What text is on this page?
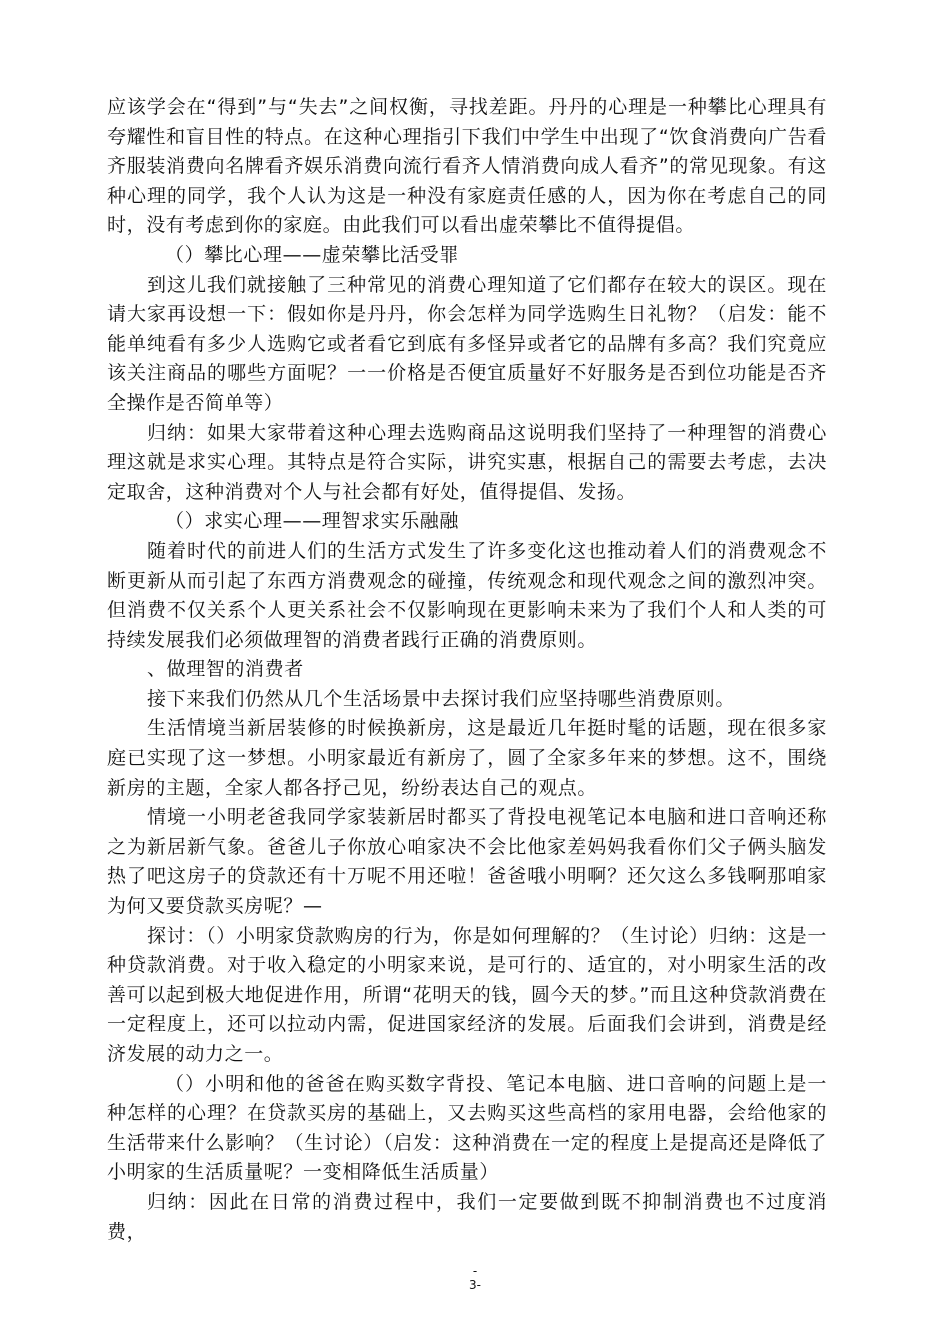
应该学会在“得到”与“失去”之间权衡，寻找差距。丹丹的心理是一种攀比心理具有夸耀性和盲目性的特点。在这种心理指引下我们中学生中出现了“饮食消费向广告看齐服装消费向名牌看齐娱乐消费向流行看齐人情消费向成人看齐”的常见现象。有这种心理的同学，我个人认为这是一种没有家庭责任感的人，因为你在考虑自己的同时，没有考虑到你的家庭。由此我们可以看出虚荣攀比不值得提倡。

（）攀比心理——虚荣攀比活受罪

到这儿我们就接触了三种常见的消费心理知道了它们都存在较大的误区。现在请大家再设想一下：假如你是丹丹，你会怎样为同学选购生日礼物？（启发：能不能单纯看有多少人选购它或者看它到底有多怪异或者它的品牌有多高？我们究竟应该关注商品的哪些方面呢？一一价格是否便宜质量好不好服务是否到位功能是否齐全操作是否简单等）

归纳：如果大家带着这种心理去选购商品这说明我们坚持了一种理智的消费心理这就是求实心理。其特点是符合实际，讲究实惠，根据自己的需要去考虑，去决定取舍，这种消费对个人与社会都有好处，值得提倡、发扬。

（）求实心理——理智求实乐融融

随着时代的前进人们的生活方式发生了许多变化这也推动着人们的消费观念不断更新从而引起了东西方消费观念的碰撞，传统观念和现代观念之间的激烈冲突。但消费不仅关系个人更关系社会不仅影响现在更影响未来为了我们个人和人类的可持续发展我们必须做理智的消费者践行正确的消费原则。

、做理智的消费者

接下来我们仍然从几个生活场景中去探讨我们应坚持哪些消费原则。

生活情境当新居装修的时候换新房，这是最近几年挺时髦的话题，现在很多家庭已实现了这一梦想。小明家最近有新房了，圆了全家多年来的梦想。这不，围绕新房的主题，全家人都各抒己见，纷纷表达自己的观点。

情境一小明老爸我同学家装新居时都买了背投电视笔记本电脑和进口音响还称之为新居新气象。爸爸儿子你放心咱家决不会比他家差妈妈我看你们父子俩头脑发热了吧这房子的贷款还有十万呢不用还啦！爸爸哦小明啊？还欠这么多钱啊那咱家为何又要贷款买房呢？—

探讨：（）小明家贷款购房的行为，你是如何理解的？（生讨论）归纳：这是一种贷款消费。对于收入稳定的小明家来说，是可行的、适宜的，对小明家生活的改善可以起到极大地促进作用，所谓“花明天的钱，圆今天的梦。”而且这种贷款消费在一定程度上，还可以拉动内需，促进国家经济的发展。后面我们会讲到，消费是经济发展的动力之一。

（）小明和他的爸爸在购买数字背投、笔记本电脑、进口音响的问题上是一种怎样的心理？在贷款买房的基础上，又去购买这些高档的家用电器，会给他家的生活带来什么影响？（生讨论）（启发：这种消费在一定的程度上是提高还是降低了小明家的生活质量呢？一变相降低生活质量）

归纳：因此在日常的消费过程中，我们一定要做到既不抑制消费也不过度消费，

-
3-
